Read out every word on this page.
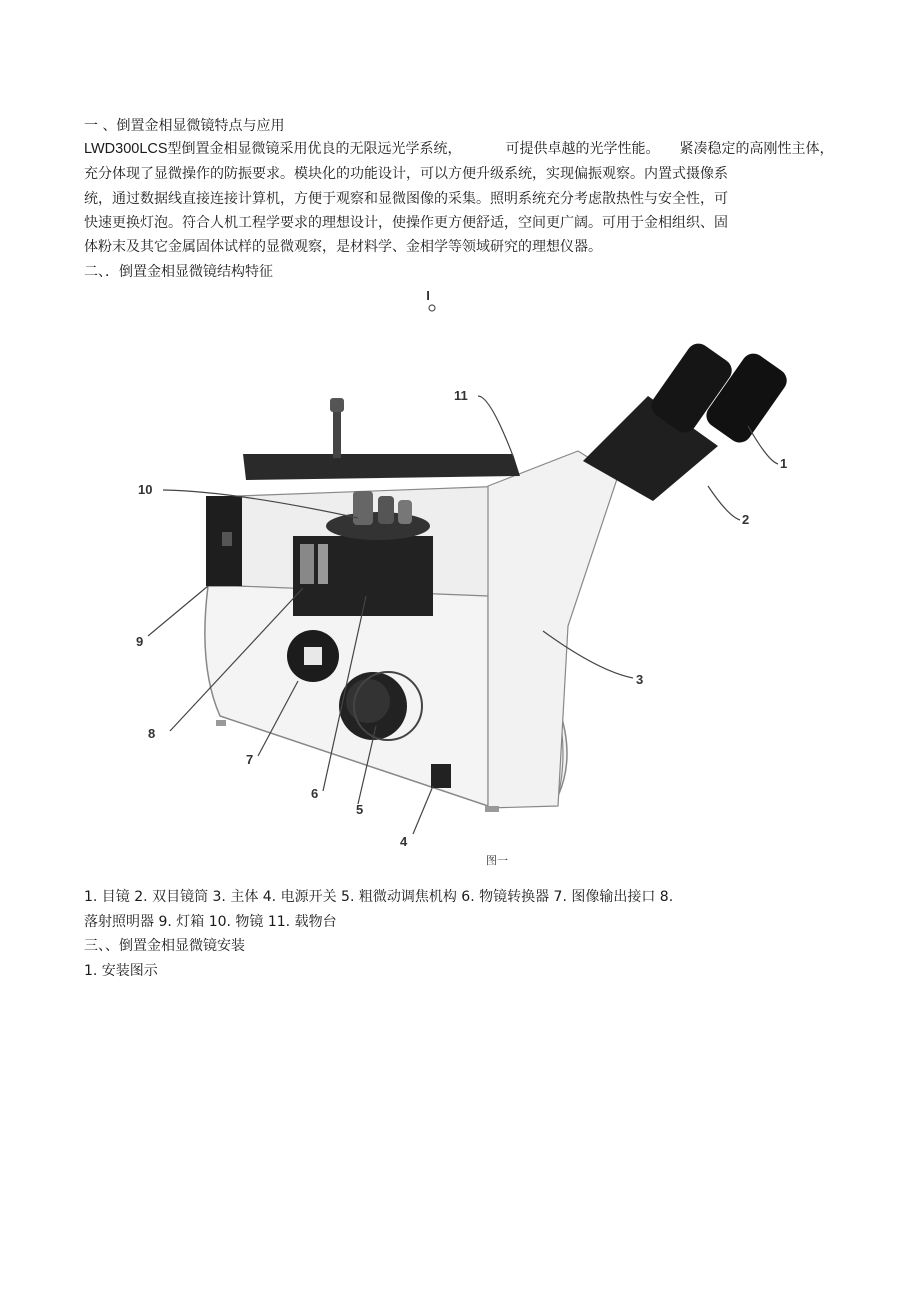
一 、倒置金相显微镜特点与应用
LWD300LCS型倒置金相显微镜采用优良的无限远光学系统，	可提供卓越的光学性能。 紧凑稳定的高刚性主体，
充分体现了显微操作的防振要求。模块化的功能设计，可以方便升级系统，实现偏振观察。内置式摄像系
统，通过数据线直接连接计算机，方便于观察和显微图像的采集。照明系统充分考虑散热性与安全性，可
快速更换灯泡。符合人机工程学要求的理想设计，使操作更方便舒适，空间更广阔。可用于金相组织、固
体粉末及其它金属固体试样的显微观察，是材料学、金相学等领域研究的理想仪器。
二、．倒置金相显微镜结构特征
I
1
2
3
4
5
6
7
8
9
10
11
图一
1. 目镜 2. 双目镜筒 3. 主体 4. 电源开关 5. 粗微动调焦机构 6. 物镜转换器 7. 图像输出接口 8.
落射照明器 9. 灯箱 10. 物镜 11. 载物台
三、、倒置金相显微镜安装
1. 安装图示
